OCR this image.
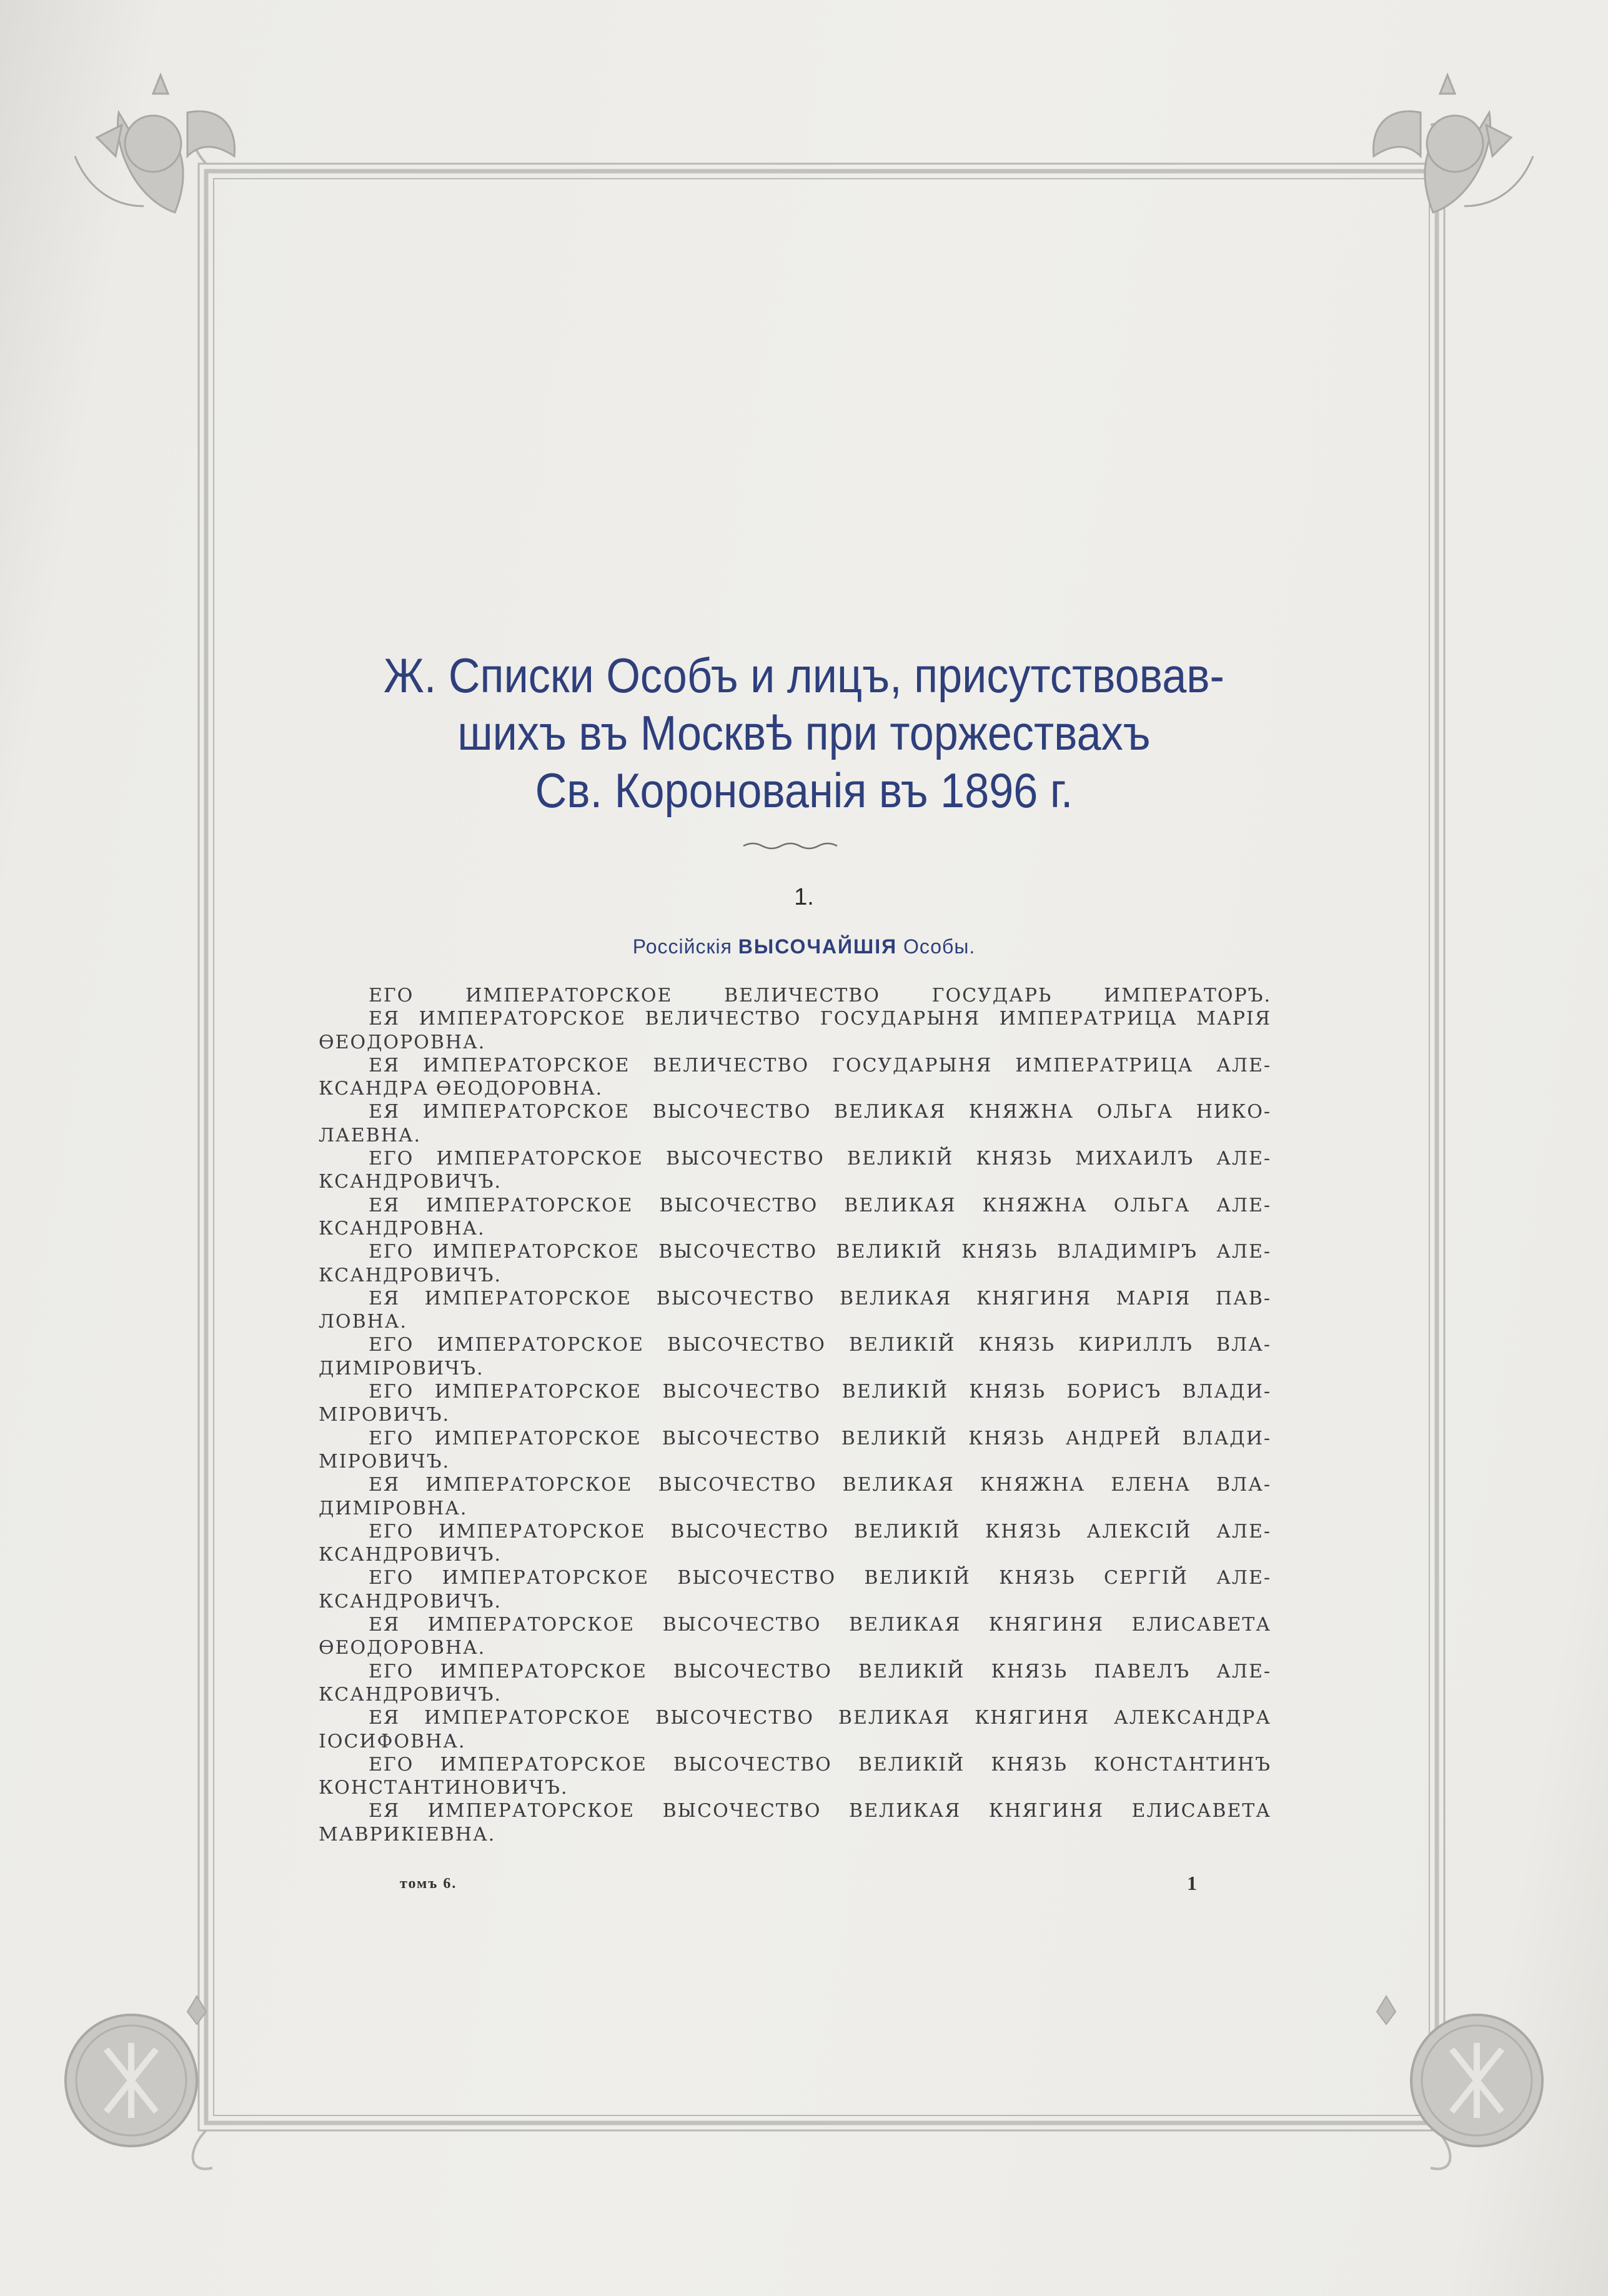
Ж. Списки Особъ и лицъ, присутствовав-
шихъ въ Москвѣ при торжествахъ
Св. Коронованія въ 1896 г.
1.
Россійскія ВЫСОЧАЙШІЯ Особы.
ЕГО ИМПЕРАТОРСКОЕ ВЕЛИЧЕСТВО ГОСУДАРЬ ИМПЕРАТОРЪ.
ЕЯ ИМПЕРАТОРСКОЕ ВЕЛИЧЕСТВО ГОСУДАРЫНЯ ИМПЕРАТРИЦА МАРІЯ
ѲЕОДОРОВНА.
ЕЯ ИМПЕРАТОРСКОЕ ВЕЛИЧЕСТВО ГОСУДАРЫНЯ ИМПЕРАТРИЦА АЛЕ-
КСАНДРА ѲЕОДОРОВНА.
ЕЯ ИМПЕРАТОРСКОЕ ВЫСОЧЕСТВО ВЕЛИКАЯ КНЯЖНА ОЛЬГА НИКО-
ЛАЕВНА.
ЕГО ИМПЕРАТОРСКОЕ ВЫСОЧЕСТВО ВЕЛИКІЙ КНЯЗЬ МИХАИЛЪ АЛЕ-
КСАНДРОВИЧЪ.
ЕЯ ИМПЕРАТОРСКОЕ ВЫСОЧЕСТВО ВЕЛИКАЯ КНЯЖНА ОЛЬГА АЛЕ-
КСАНДРОВНА.
ЕГО ИМПЕРАТОРСКОЕ ВЫСОЧЕСТВО ВЕЛИКІЙ КНЯЗЬ ВЛАДИМІРЪ АЛЕ-
КСАНДРОВИЧЪ.
ЕЯ ИМПЕРАТОРСКОЕ ВЫСОЧЕСТВО ВЕЛИКАЯ КНЯГИНЯ МАРІЯ ПАВ-
ЛОВНА.
ЕГО ИМПЕРАТОРСКОЕ ВЫСОЧЕСТВО ВЕЛИКІЙ КНЯЗЬ КИРИЛЛЪ ВЛА-
ДИМІРОВИЧЪ.
ЕГО ИМПЕРАТОРСКОЕ ВЫСОЧЕСТВО ВЕЛИКІЙ КНЯЗЬ БОРИСЪ ВЛАДИ-
МІРОВИЧЪ.
ЕГО ИМПЕРАТОРСКОЕ ВЫСОЧЕСТВО ВЕЛИКІЙ КНЯЗЬ АНДРЕЙ ВЛАДИ-
МІРОВИЧЪ.
ЕЯ ИМПЕРАТОРСКОЕ ВЫСОЧЕСТВО ВЕЛИКАЯ КНЯЖНА ЕЛЕНА ВЛА-
ДИМІРОВНА.
ЕГО ИМПЕРАТОРСКОЕ ВЫСОЧЕСТВО ВЕЛИКІЙ КНЯЗЬ АЛЕКСІЙ АЛЕ-
КСАНДРОВИЧЪ.
ЕГО ИМПЕРАТОРСКОЕ ВЫСОЧЕСТВО ВЕЛИКІЙ КНЯЗЬ СЕРГІЙ АЛЕ-
КСАНДРОВИЧЪ.
ЕЯ ИМПЕРАТОРСКОЕ ВЫСОЧЕСТВО ВЕЛИКАЯ КНЯГИНЯ ЕЛИСАВЕТА
ѲЕОДОРОВНА.
ЕГО ИМПЕРАТОРСКОЕ ВЫСОЧЕСТВО ВЕЛИКІЙ КНЯЗЬ ПАВЕЛЪ АЛЕ-
КСАНДРОВИЧЪ.
ЕЯ ИМПЕРАТОРСКОЕ ВЫСОЧЕСТВО ВЕЛИКАЯ КНЯГИНЯ АЛЕКСАНДРА
ІОСИФОВНА.
ЕГО ИМПЕРАТОРСКОЕ ВЫСОЧЕСТВО ВЕЛИКІЙ КНЯЗЬ КОНСТАНТИНЪ
КОНСТАНТИНОВИЧЪ.
ЕЯ ИМПЕРАТОРСКОЕ ВЫСОЧЕСТВО ВЕЛИКАЯ КНЯГИНЯ ЕЛИСАВЕТА
МАВРИКІЕВНА.
томъ 6.	1
